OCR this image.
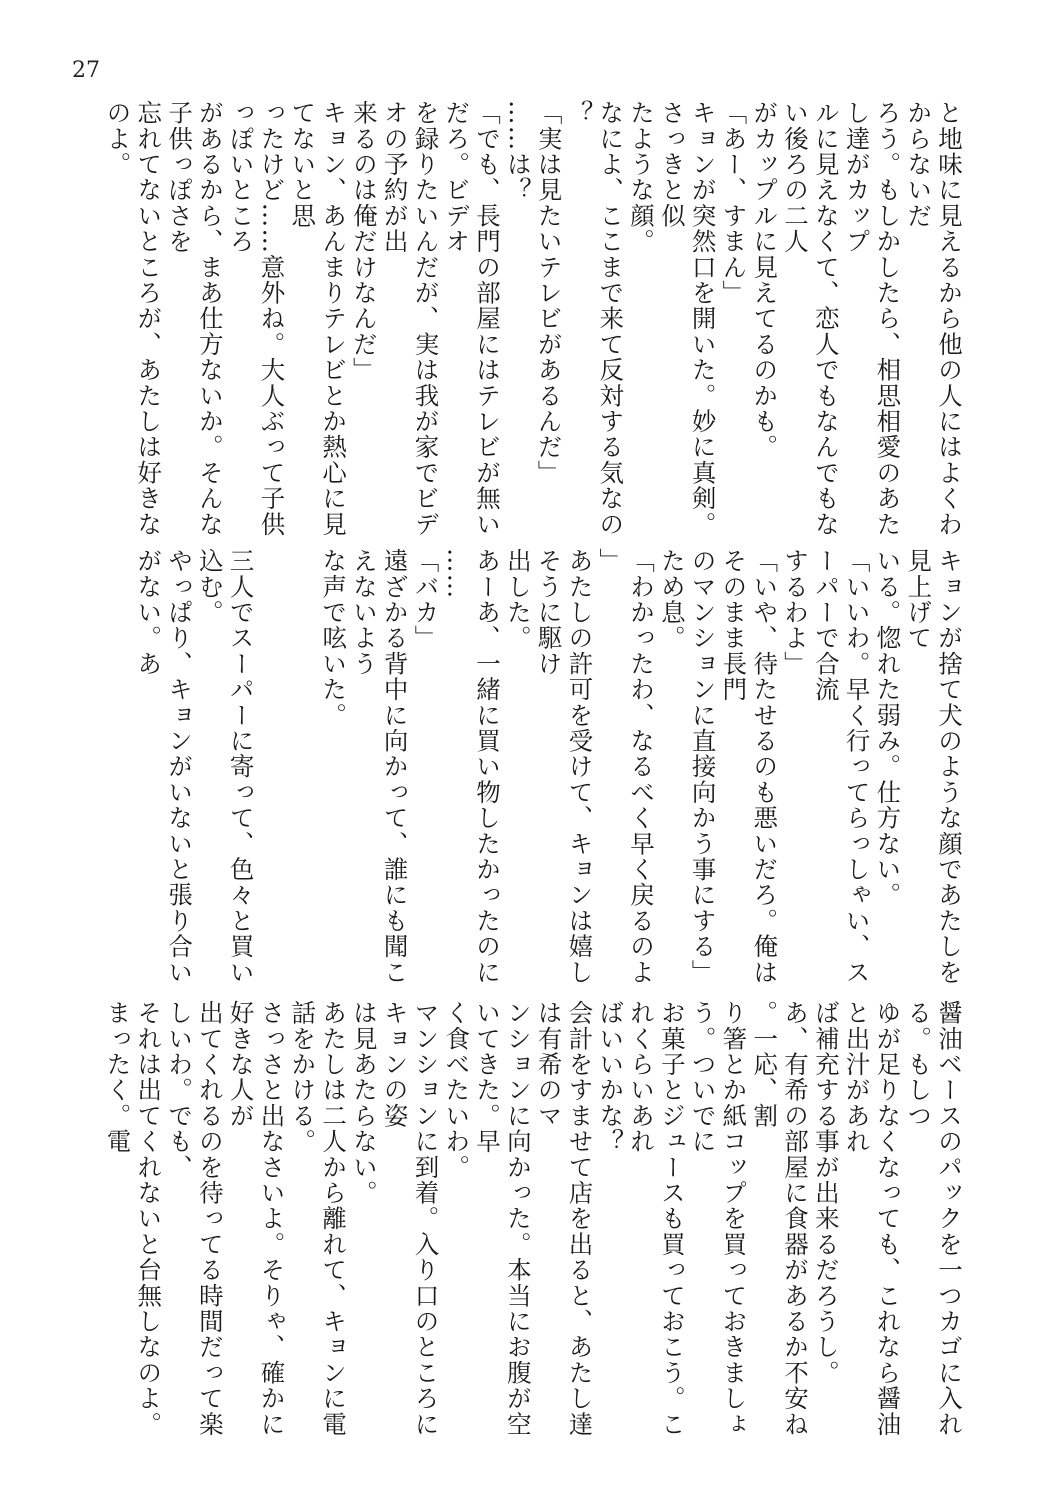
27
と地味に見えるから他の人にはよくわからないだ
ろう。もしかしたら、相思相愛のあたし達がカップ
ルに見えなくて、恋人でもなんでもない後ろの二人
がカップルに見えてるのかも。
「あー、すまん」
キョンが突然口を開いた。妙に真剣。さっきと似
たような顔。
なによ、ここまで来て反対する気なの？
「実は見たいテレビがあるんだ」
……は？
「でも、長門の部屋にはテレビが無いだろ。ビデオ
を録りたいんだが、実は我が家でビデオの予約が出
来るのは俺だけなんだ」
キョン、あんまりテレビとか熱心に見てないと思
ったけど……意外ね。大人ぶって子供っぽいところ
があるから、まあ仕方ないか。そんな子供っぽさを
忘れてないところが、あたしは好きなのよ。
キョンが捨て犬のような顔であたしを見上げて
いる。惚れた弱み。仕方ない。
「いいわ。早く行ってらっしゃい、スーパーで合流
するわよ」
「いや、待たせるのも悪いだろ。俺はそのまま長門
のマンションに直接向かう事にする」
ため息。
「わかったわ、なるべく早く戻るのよ」
あたしの許可を受けて、キョンは嬉しそうに駆け
出した。
あーあ、一緒に買い物したかったのに……
「バカ」
遠ざかる背中に向かって、誰にも聞こえないよう
な声で呟いた。

三人でスーパーに寄って、色々と買い込む。
やっぱり、キョンがいないと張り合いがない。あ
醤油ベースのパックを一つカゴに入れる。もしつ
ゆが足りなくなっても、これなら醤油と出汁があれ
ば補充する事が出来るだろうし。
あ、有希の部屋に食器があるか不安ね。一応、割
り箸とか紙コップを買っておきましょう。ついでに
お菓子とジュースも買っておこう。これくらいあれ
ばいいかな？
会計をすませて店を出ると、あたし達は有希のマ
ンションに向かった。本当にお腹が空いてきた。早
く食べたいわ。
マンションに到着。入り口のところにキョンの姿
は見あたらない。
あたしは二人から離れて、キョンに電話をかける。
さっさと出なさいよ。そりゃ、確かに好きな人が
出てくれるのを待ってる時間だって楽しいわ。でも、
それは出てくれないと台無しなのよ。まったく。電
